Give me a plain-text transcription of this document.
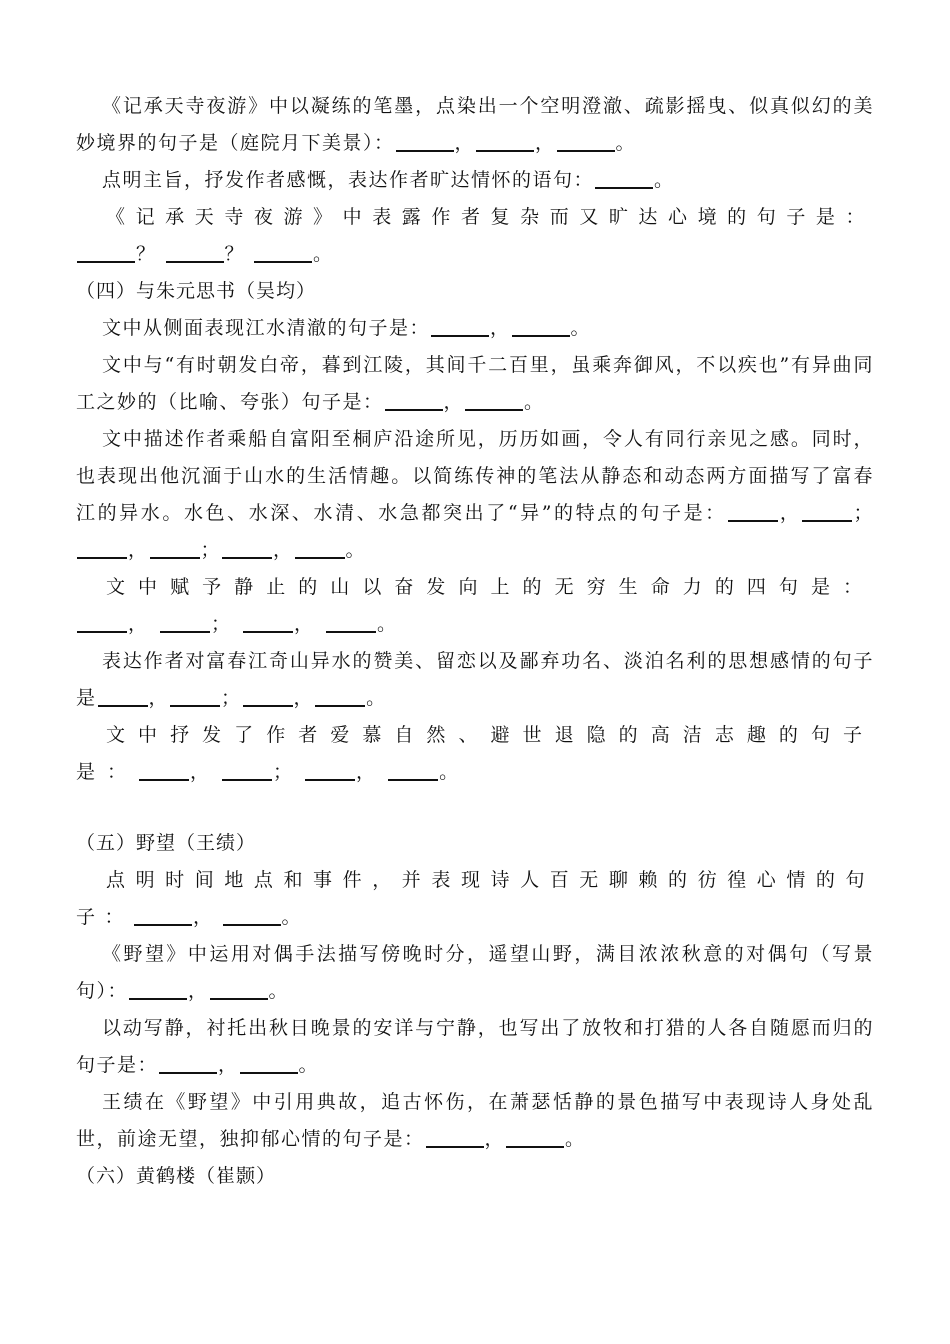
《记承天寺夜游》中以凝练的笔墨，点染出一个空明澄澈、疏影摇曳、似真似幻的美妙境界的句子是（庭院月下美景）：	，	，	。

点明主旨，抒发作者感慨，表达作者旷达情怀的语句：	。

《记承天寺夜游》中表露作者复杂而又旷达心境的句子是：？	？	。

（四）与朱元思书（吴均）

文中从侧面表现江水清澈的句子是：	，	。

文中与“有时朝发白帝，暮到江陵，其间千二百里，虽乘奔御风，不以疾也”有异曲同工之妙的（比喻、夸张）句子是：	，	。

文中描述作者乘船自富阳至桐庐沿途所见，历历如画，令人有同行亲见之感。同时，也表现出他沉湎于山水的生活情趣。以简练传神的笔法从静态和动态两方面描写了富春江的异水。水色、水深、水清、水急都突出了“异”的特点的句子是：	，	；，	；	，	。

文中赋予静止的山以奋发向上的无穷生命力的四句是：，	；	，	。

表达作者对富春江奇山异水的赞美、留恋以及鄙弃功名、淡泊名利的思想感情的句子是	，	；	，	。

文中抒发了作者爱慕自然、避世退隐的高洁志趣的句子是：	，	；	，	。

（五）野望（王绩）

点明时间地点和事件，并表现诗人百无聊赖的彷徨心情的句子：	，	。

《野望》中运用对偶手法描写傍晚时分，遥望山野，满目浓浓秋意的对偶句（写景句）：	，	。

以动写静，衬托出秋日晚景的安详与宁静，也写出了放牧和打猎的人各自随愿而归的句子是：	，	。

王绩在《野望》中引用典故，追古怀伤，在萧瑟恬静的景色描写中表现诗人身处乱世，前途无望，独抑郁心情的句子是：	，	。

（六）黄鹤楼（崔颢）
